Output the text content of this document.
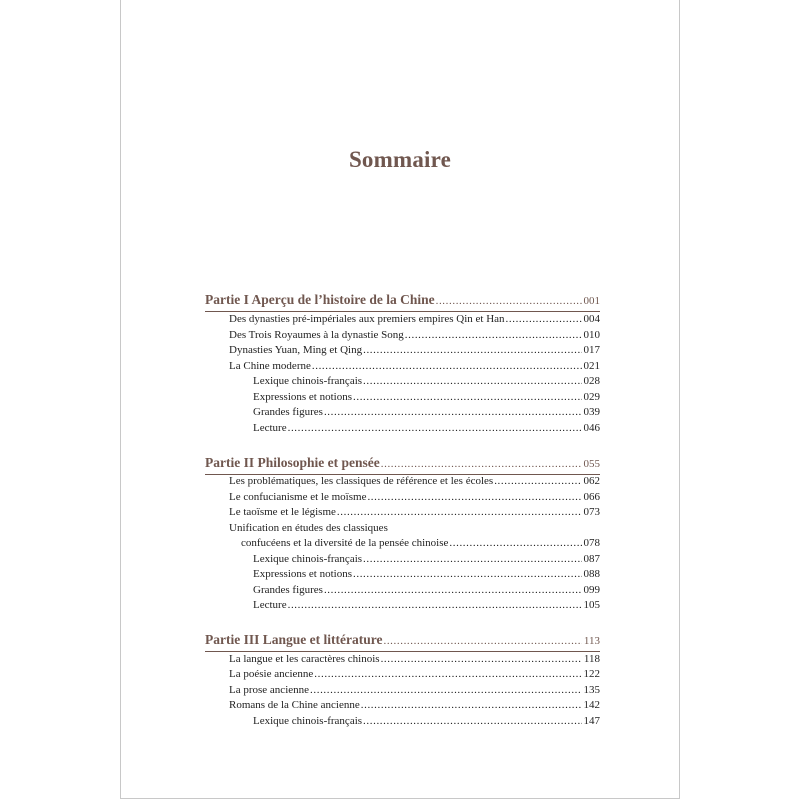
Sommaire
Partie I Aperçu de l’histoire de la Chine .....	001
Des dynasties pré-impériales aux premiers empires Qin et Han .....	004
Des Trois Royaumes à la dynastie Song .....	010
Dynasties Yuan, Ming et Qing .....	017
La Chine moderne .....	021
Lexique chinois-français .....	028
Expressions et notions .....	029
Grandes figures .....	039
Lecture .....	046
Partie II Philosophie et pensée .....	055
Les problématiques, les classiques de référence et les écoles .....	062
Le confucianisme et le moïsme .....	066
Le taoïsme et le légisme .....	073
Unification en études des classiques
confucéens et la diversité de la pensée chinoise .....	078
Lexique chinois-français .....	087
Expressions et notions .....	088
Grandes figures .....	099
Lecture .....	105
Partie III Langue et littérature .....	113
La langue et les caractères chinois .....	118
La poésie ancienne .....	122
La prose ancienne .....	135
Romans de la Chine ancienne .....	142
Lexique chinois-français .....	147
